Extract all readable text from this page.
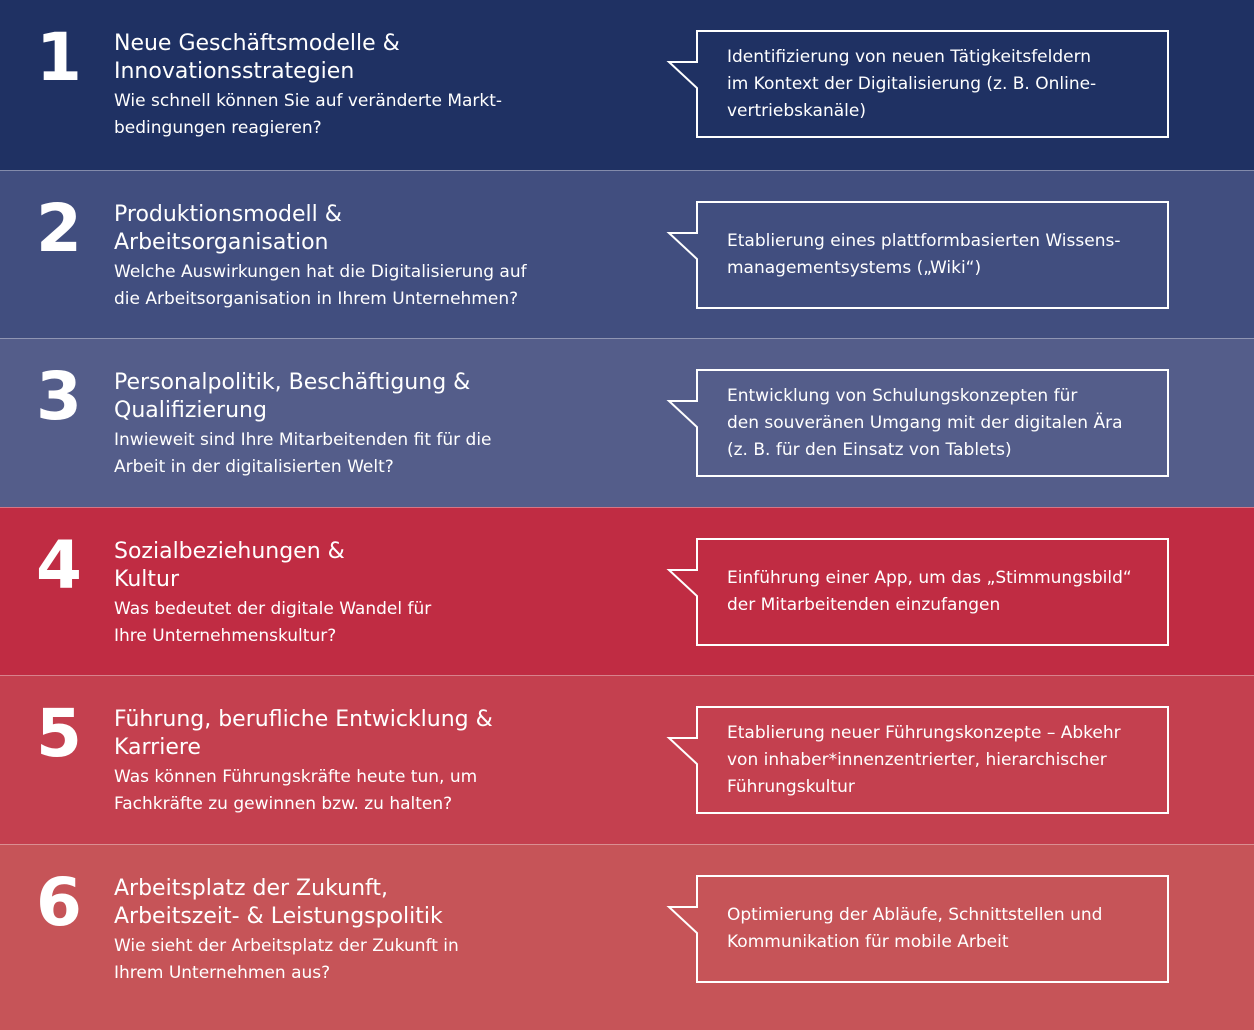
1 Neue Geschäftsmodelle &
Innovationsstrategien
Wie schnell können Sie auf veränderte Markt-
bedingungen reagieren?
Identifizierung von neuen Tätigkeitsfeldern
im Kontext der Digitalisierung (z. B. Online-
vertriebskanäle)
2 Produktionsmodell &
Arbeitsorganisation
Welche Auswirkungen hat die Digitalisierung auf
die Arbeitsorganisation in Ihrem Unternehmen?
Etablierung eines plattformbasierten Wissens-
managementsystems („Wiki“)
3 Personalpolitik, Beschäftigung &
Qualifizierung
Inwieweit sind Ihre Mitarbeitenden fit für die
Arbeit in der digitalisierten Welt?
Entwicklung von Schulungskonzepten für
den souveränen Umgang mit der digitalen Ära
(z. B. für den Einsatz von Tablets)
4 Sozialbeziehungen &
Kultur
Was bedeutet der digitale Wandel für
Ihre Unternehmenskultur?
Einführung einer App, um das „Stimmungsbild“
der Mitarbeitenden einzufangen
5 Führung, berufliche Entwicklung &
Karriere
Was können Führungskräfte heute tun, um
Fachkräfte zu gewinnen bzw. zu halten?
Etablierung neuer Führungskonzepte – Abkehr
von inhaber*innenzentrierter, hierarchischer
Führungskultur
6 Arbeitsplatz der Zukunft,
Arbeitszeit- & Leistungspolitik
Wie sieht der Arbeitsplatz der Zukunft in
Ihrem Unternehmen aus?
Optimierung der Abläufe, Schnittstellen und
Kommunikation für mobile Arbeit
